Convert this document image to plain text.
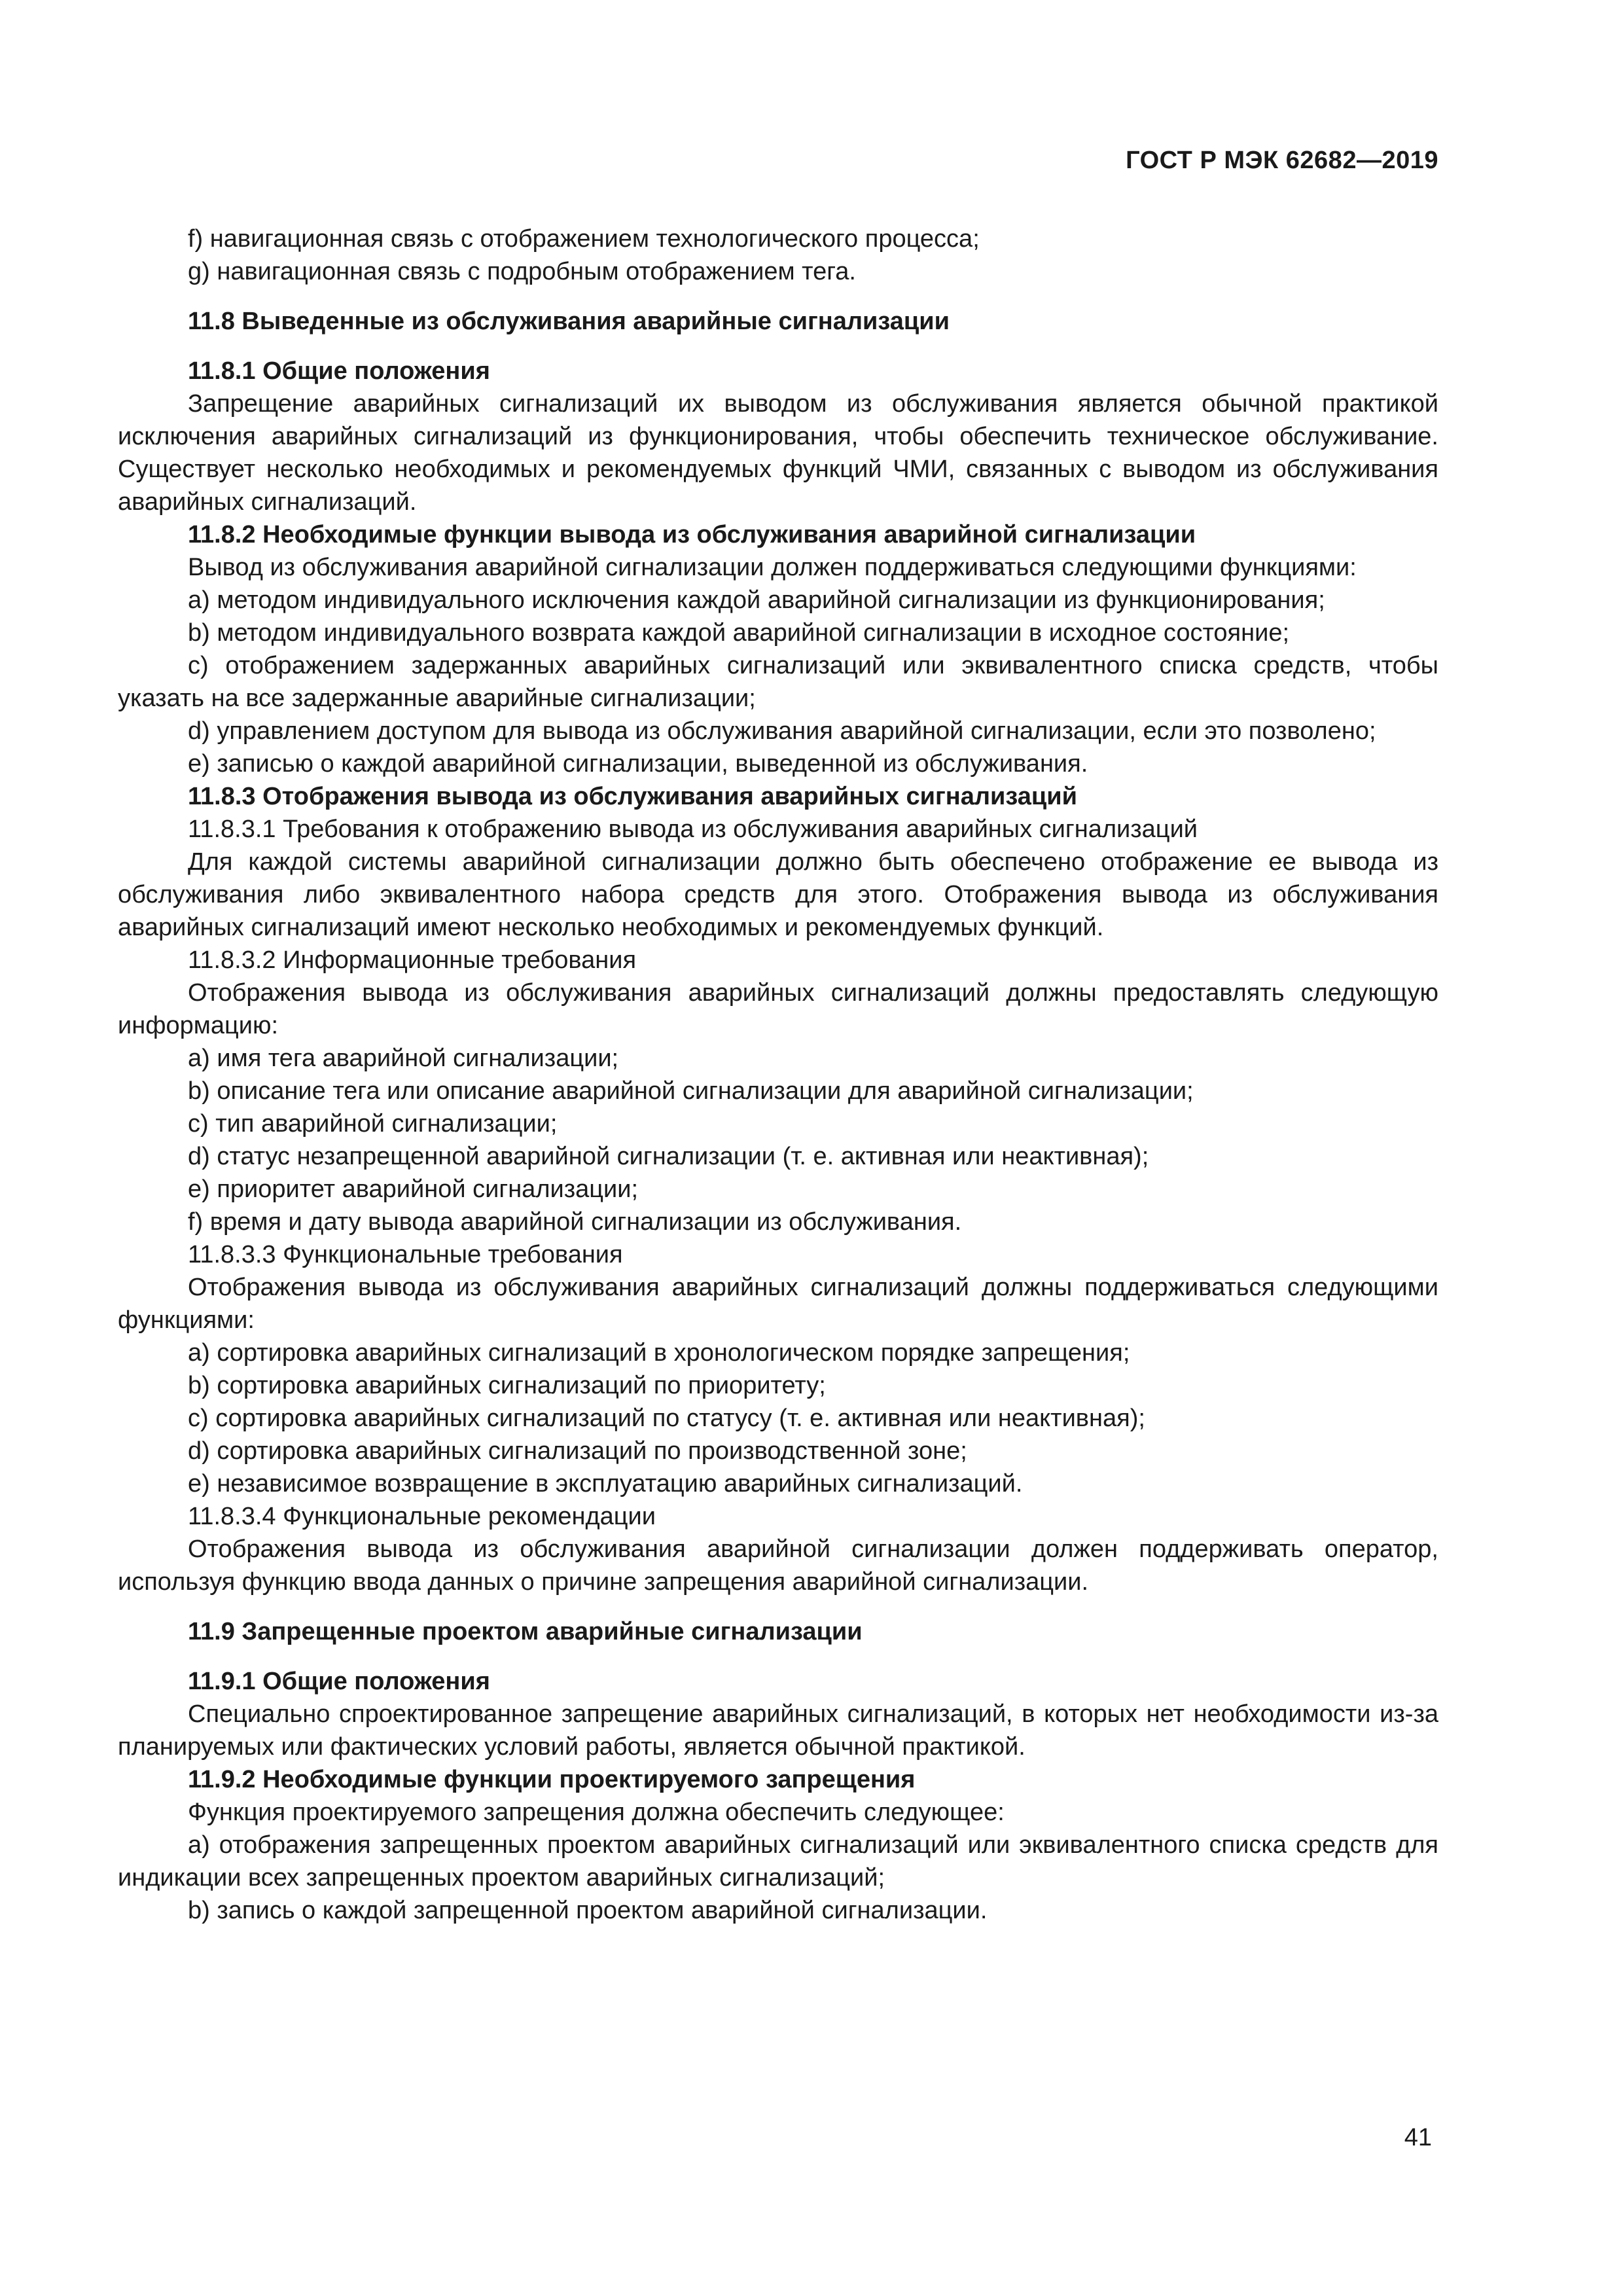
ГОСТ Р МЭК 62682—2019

f) навигационная связь с отображением технологического процесса;

g) навигационная связь с подробным отображением тега.

11.8 Выведенные из обслуживания аварийные сигнализации

11.8.1 Общие положения

Запрещение аварийных сигнализаций их выводом из обслуживания является обычной практикой исключения аварийных сигнализаций из функционирования, чтобы обеспечить техническое обслуживание. Существует несколько необходимых и рекомендуемых функций ЧМИ, связанных с выводом из обслуживания аварийных сигнализаций.

11.8.2 Необходимые функции вывода из обслуживания аварийной сигнализации

Вывод из обслуживания аварийной сигнализации должен поддерживаться следующими функциями:

a) методом индивидуального исключения каждой аварийной сигнализации из функционирования;

b) методом индивидуального возврата каждой аварийной сигнализации в исходное состояние;

c) отображением задержанных аварийных сигнализаций или эквивалентного списка средств, чтобы указать на все задержанные аварийные сигнализации;

d) управлением доступом для вывода из обслуживания аварийной сигнализации, если это позволено;

e) записью о каждой аварийной сигнализации, выведенной из обслуживания.

11.8.3 Отображения вывода из обслуживания аварийных сигнализаций

11.8.3.1 Требования к отображению вывода из обслуживания аварийных сигнализаций

Для каждой системы аварийной сигнализации должно быть обеспечено отображение ее вывода из обслуживания либо эквивалентного набора средств для этого. Отображения вывода из обслуживания аварийных сигнализаций имеют несколько необходимых и рекомендуемых функций.

11.8.3.2 Информационные требования

Отображения вывода из обслуживания аварийных сигнализаций должны предоставлять следующую информацию:

a) имя тега аварийной сигнализации;

b) описание тега или описание аварийной сигнализации для аварийной сигнализации;

c) тип аварийной сигнализации;

d) статус незапрещенной аварийной сигнализации (т. е. активная или неактивная);

e) приоритет аварийной сигнализации;

f) время и дату вывода аварийной сигнализации из обслуживания.

11.8.3.3 Функциональные требования

Отображения вывода из обслуживания аварийных сигнализаций должны поддерживаться следующими функциями:

a) сортировка аварийных сигнализаций в хронологическом порядке запрещения;

b) сортировка аварийных сигнализаций по приоритету;

c) сортировка аварийных сигнализаций по статусу (т. е. активная или неактивная);

d) сортировка аварийных сигнализаций по производственной зоне;

e) независимое возвращение в эксплуатацию аварийных сигнализаций.

11.8.3.4 Функциональные рекомендации

Отображения вывода из обслуживания аварийной сигнализации должен поддерживать оператор, используя функцию ввода данных о причине запрещения аварийной сигнализации.

11.9 Запрещенные проектом аварийные сигнализации

11.9.1 Общие положения

Специально спроектированное запрещение аварийных сигнализаций, в которых нет необходимости из-за планируемых или фактических условий работы, является обычной практикой.

11.9.2 Необходимые функции проектируемого запрещения

Функция проектируемого запрещения должна обеспечить следующее:

a) отображения запрещенных проектом аварийных сигнализаций или эквивалентного списка средств для индикации всех запрещенных проектом аварийных сигнализаций;

b) запись о каждой запрещенной проектом аварийной сигнализации.

41
